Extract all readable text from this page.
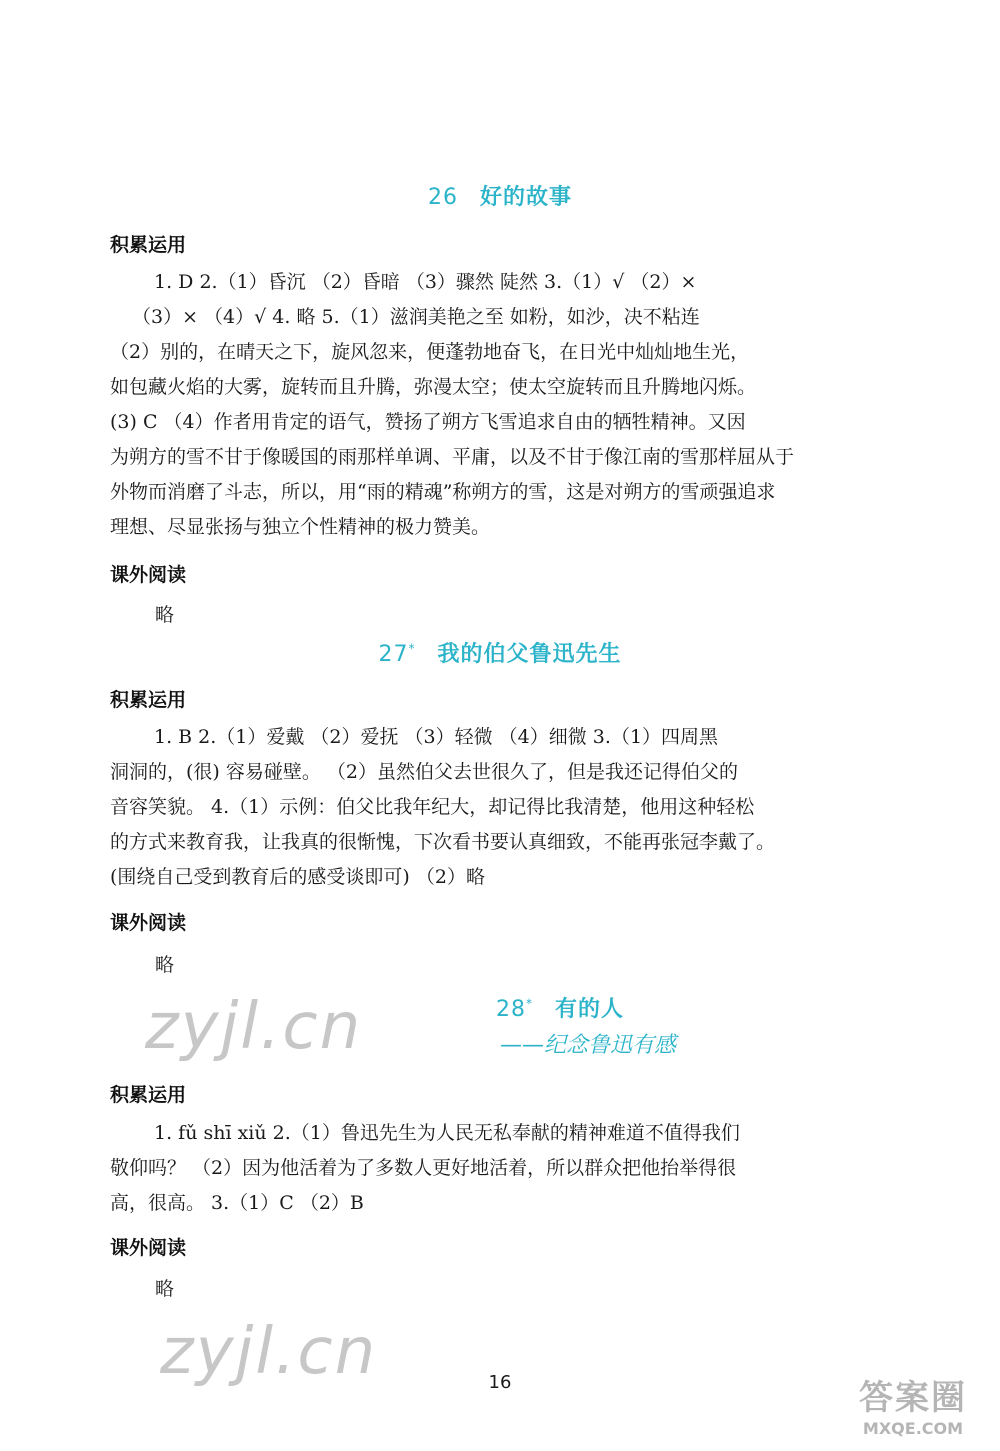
26 好的故事
积累运用
1. D 2.（1）昏沉 （2）昏暗 （3）骤然 陡然 3.（1）√ （2）×
（3）× （4）√ 4. 略 5.（1）滋润美艳之至 如粉，如沙，决不粘连
（2）别的，在晴天之下，旋风忽来，便蓬勃地奋飞，在日光中灿灿地生光，
如包藏火焰的大雾，旋转而且升腾，弥漫太空；使太空旋转而且升腾地闪烁。
(3) C （4）作者用肯定的语气，赞扬了朔方飞雪追求自由的牺牲精神。又因
为朔方的雪不甘于像暖国的雨那样单调、平庸，以及不甘于像江南的雪那样屈从于
外物而消磨了斗志，所以，用“雨的精魂”称朔方的雪，这是对朔方的雪顽强追求
理想、尽显张扬与独立个性精神的极力赞美。
课外阅读
略
27* 我的伯父鲁迅先生
积累运用
1. B 2.（1）爱戴 （2）爱抚 （3）轻微 （4）细微 3.（1）四周黑
洞洞的，(很) 容易碰壁。 （2）虽然伯父去世很久了，但是我还记得伯父的
音容笑貌。 4.（1）示例：伯父比我年纪大，却记得比我清楚，他用这种轻松
的方式来教育我，让我真的很惭愧，下次看书要认真细致，不能再张冠李戴了。
(围绕自己受到教育后的感受谈即可) （2）略
课外阅读
略
28* 有的人
——纪念鲁迅有感
积累运用
1. fǔ shī xiǔ 2.（1）鲁迅先生为人民无私奉献的精神难道不值得我们
敬仰吗？ （2）因为他活着为了多数人更好地活着，所以群众把他抬举得很
高，很高。 3.（1）C （2）B
课外阅读
略
zyjl.cn
zyjl.cn	16	答案圈
MXQE.COM
